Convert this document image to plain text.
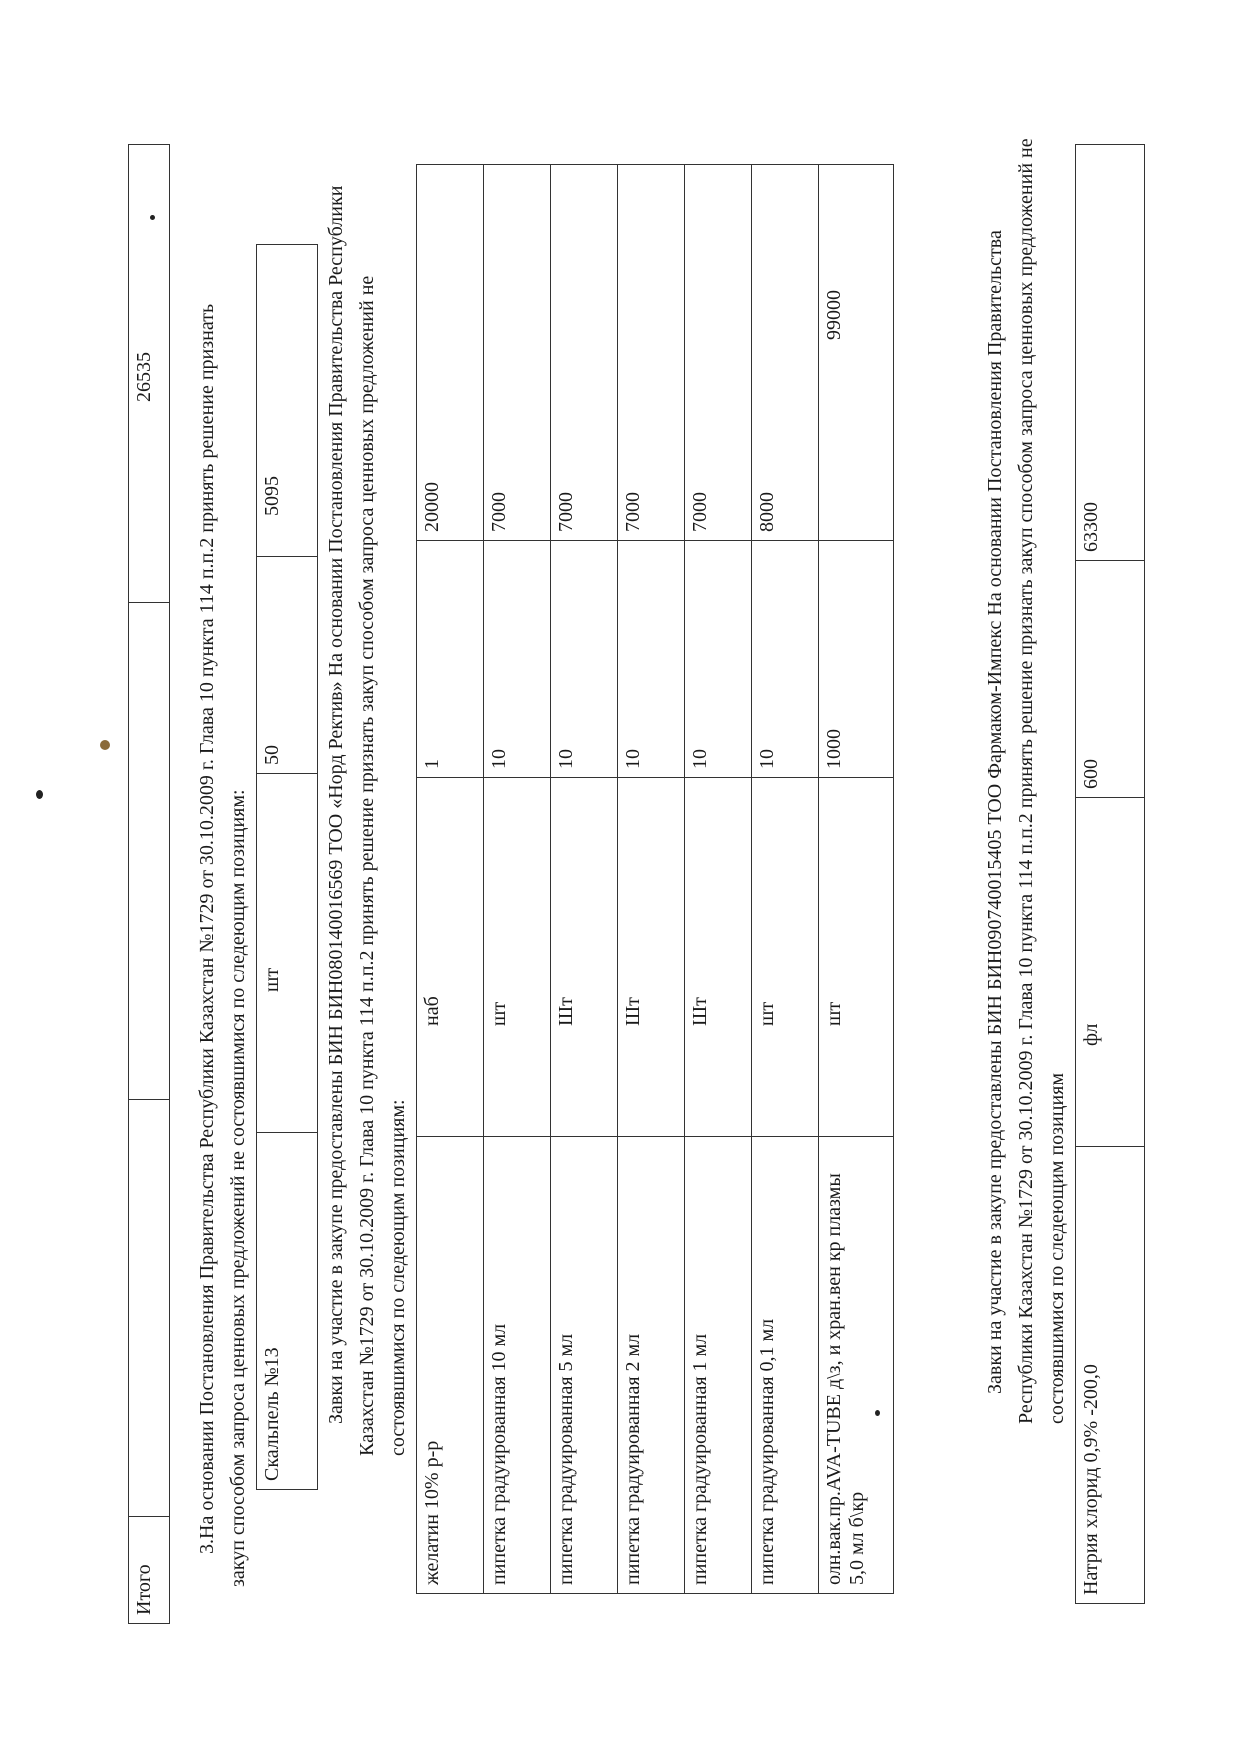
Итого			26535 3.На основании Постановления Правительства Республики Казахстан №1729 от 30.10.2009 г. Глава 10 пункта 114 п.п.2 принять решение признать закуп способом запроса ценновых предложений не состоявшимися по следеющим позициям: Скальпель №13	шт	50	5095 Завки на участие в закупе предоставлены БИН БИН080140016569 ТОО «Норд Ректив» На основании Постановления Правительства Республики Казахстан №1729 от 30.10.2009 г. Глава 10 пункта 114 п.п.2 принять решение признать закуп способом запроса ценновых предложений не состоявшимися по следеющим позициям:
желатин 10% р-р	наб	1	20000
пипетка градуированная 10 мл	шт	10	7000
пипетка градуированная 5 мл	Шт	10	7000
пипетка градуированная 2 мл	Шт	10	7000
пипетка градуированная 1 мл	Шт	10	7000
пипетка градуированная 0,1 мл	шт	10	8000

олн.вак.пр.AVA-TUBE д\з, и хран.вен кр плазмы 5,0 мл б\кр	шт	1000	99000	Завки на участие в закупе предоставлены БИН БИН090740015405 ТОО Фармаком-Импекс На основании Постановления Правительства Республики Казахстан №1729 от 30.10.2009 г. Глава 10 пункта 114 п.п.2 принять решение признать закуп способом запроса ценновых предложений не состоявшимися по следеющим позициям
Натрия хлорид 0,9% -200,0	фл	600	63300
